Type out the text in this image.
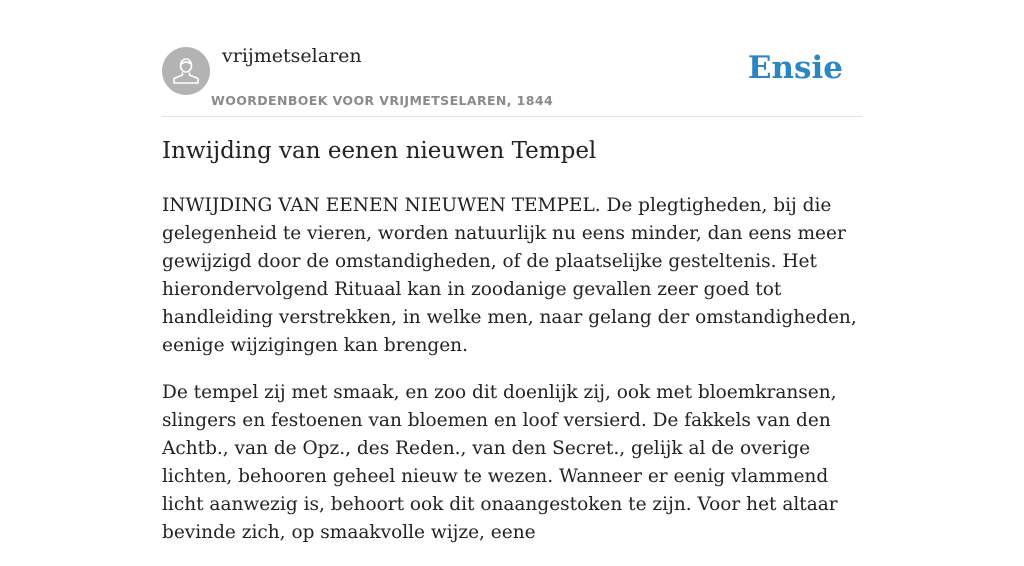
vrijmetselaren
WOORDENBOEK VOOR VRIJMETSELAREN, 1844
Ensie
Inwijding van eenen nieuwen Tempel

INWIJDING VAN EENEN NIEUWEN TEMPEL. De plegtigheden, bij die gelegenheid te vieren, worden natuurlijk nu eens minder, dan eens meer gewijzigd door de omstandigheden, of de plaatselijke gesteltenis. Het hierondervolgend Rituaal kan in zoodanige gevallen zeer goed tot handleiding verstrekken, in welke men, naar gelang der omstandigheden, eenige wijzigingen kan brengen.

De tempel zij met smaak, en zoo dit doenlijk zij, ook met bloemkransen, slingers en festoenen van bloemen en loof versierd. De fakkels van den Achtb., van de Opz., des Reden., van den Secret., gelijk al de overige lichten, behooren geheel nieuw te wezen. Wanneer er eenig vlammend licht aanwezig is, behoort ook dit onaangestoken te zijn. Voor het altaar bevinde zich, op smaakvolle wijze, eene
